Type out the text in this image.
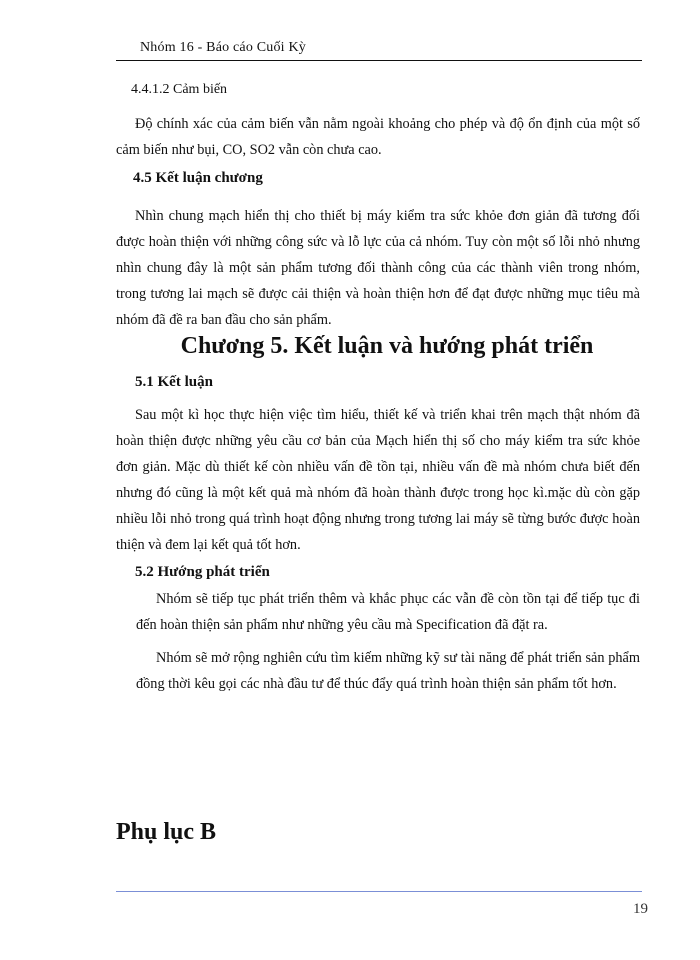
Nhóm 16 - Báo cáo Cuối Kỳ
4.4.1.2 Cảm biến
Độ chính xác của cảm biến vẫn nằm ngoài khoảng cho phép và độ ổn định của một số cảm biến như bụi, CO, SO2 vẫn còn chưa cao.
4.5 Kết luận chương
Nhìn chung mạch hiển thị cho thiết bị máy kiểm tra sức khỏe đơn giản đã tương đối được hoàn thiện với những công sức và lỗ lực của cả nhóm. Tuy còn một số lỗi nhỏ nhưng nhìn chung đây là một sản phẩm tương đối thành công của các thành viên trong nhóm, trong tương lai mạch sẽ được cải thiện và hoàn thiện hơn để đạt được những mục tiêu mà nhóm đã đề ra ban đầu cho sản phẩm.
Chương 5. Kết luận và hướng phát triển
5.1 Kết luận
Sau một kì học thực hiện việc tìm hiểu, thiết kế và triển khai trên mạch thật nhóm đã hoàn thiện được những yêu cầu cơ bản của Mạch hiển thị số cho máy kiểm tra sức khỏe đơn giản. Mặc dù thiết kế còn nhiều vấn đề tồn tại, nhiều vấn đề mà nhóm chưa biết đến nhưng đó cũng là một kết quả mà nhóm đã hoàn thành được trong học kì.mặc dù còn gặp nhiều lỗi nhỏ trong quá trình hoạt động nhưng trong tương lai máy sẽ từng bước được hoàn thiện và đem lại kết quả tốt hơn.
5.2 Hướng phát triển
Nhóm sẽ tiếp tục phát triển thêm và khắc phục các vẫn đề còn tồn tại để tiếp tục đi đến hoàn thiện sản phẩm như những yêu cầu mà Specification đã đặt ra.
Nhóm sẽ mở rộng nghiên cứu tìm kiếm những kỹ sư tài năng để phát triển sản phẩm đồng thời kêu gọi các nhà đầu tư để thúc đẩy quá trình hoàn thiện sản phẩm tốt hơn.
Phụ lục B
19
